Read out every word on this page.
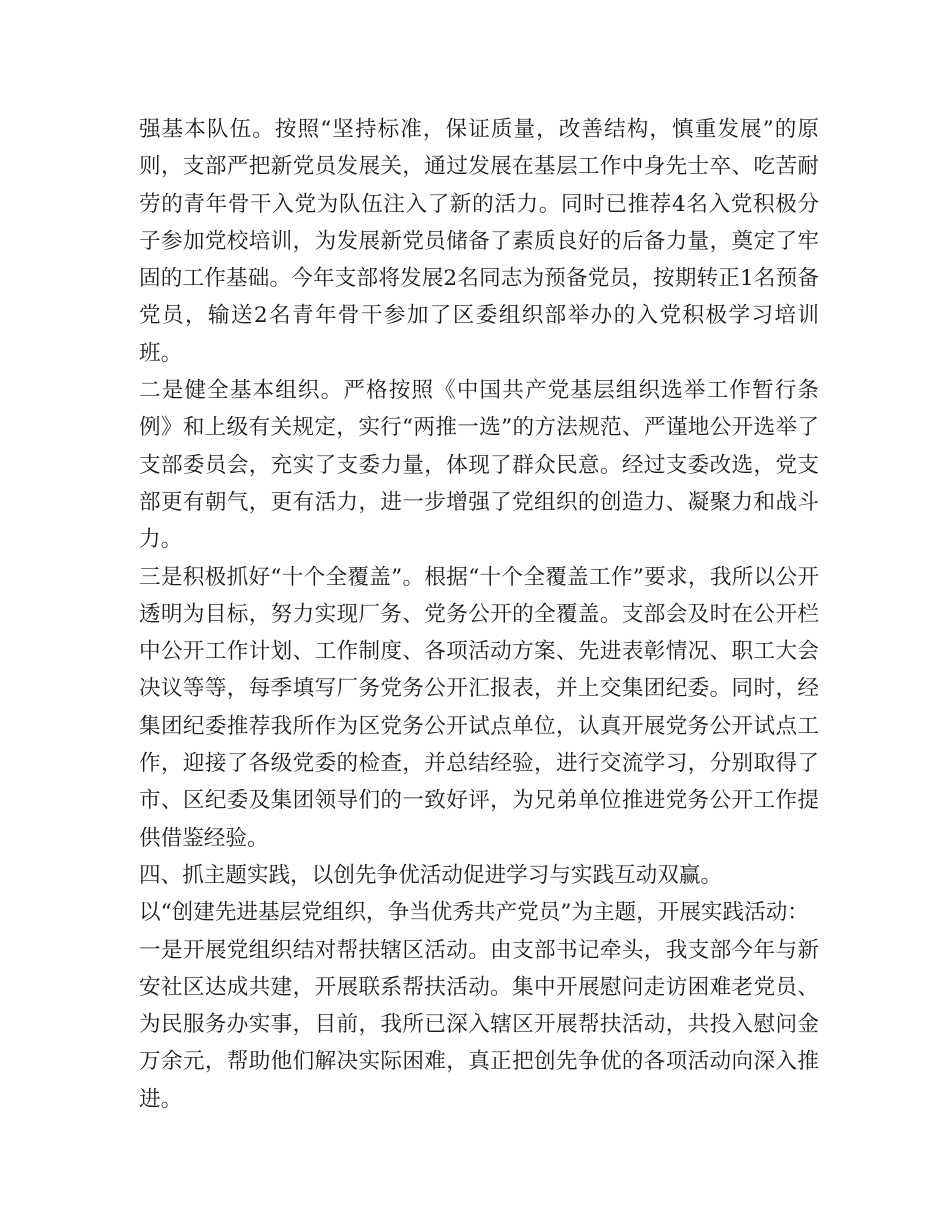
强基本队伍。按照“坚持标准，保证质量，改善结构，慎重发展”的原则，支部严把新党员发展关，通过发展在基层工作中身先士卒、吃苦耐劳的青年骨干入党为队伍注入了新的活力。同时已推荐4名入党积极分子参加党校培训，为发展新党员储备了素质良好的后备力量，奠定了牢固的工作基础。今年支部将发展2名同志为预备党员，按期转正1名预备党员，输送2名青年骨干参加了区委组织部举办的入党积极学习培训班。

二是健全基本组织。严格按照《中国共产党基层组织选举工作暂行条例》和上级有关规定，实行“两推一选”的方法规范、严谨地公开选举了支部委员会，充实了支委力量，体现了群众民意。经过支委改选，党支部更有朝气，更有活力，进一步增强了党组织的创造力、凝聚力和战斗力。

三是积极抓好“十个全覆盖”。根据“十个全覆盖工作”要求，我所以公开透明为目标，努力实现厂务、党务公开的全覆盖。支部会及时在公开栏中公开工作计划、工作制度、各项活动方案、先进表彰情况、职工大会决议等等，每季填写厂务党务公开汇报表，并上交集团纪委。同时，经集团纪委推荐我所作为区党务公开试点单位，认真开展党务公开试点工作，迎接了各级党委的检查，并总结经验，进行交流学习，分别取得了市、区纪委及集团领导们的一致好评，为兄弟单位推进党务公开工作提供借鉴经验。

四、抓主题实践，以创先争优活动促进学习与实践互动双赢。

以“创建先进基层党组织，争当优秀共产党员”为主题，开展实践活动：

一是开展党组织结对帮扶辖区活动。由支部书记牵头，我支部今年与新安社区达成共建，开展联系帮扶活动。集中开展慰问走访困难老党员、为民服务办实事，目前，我所已深入辖区开展帮扶活动，共投入慰问金万余元，帮助他们解决实际困难，真正把创先争优的各项活动向深入推进。
